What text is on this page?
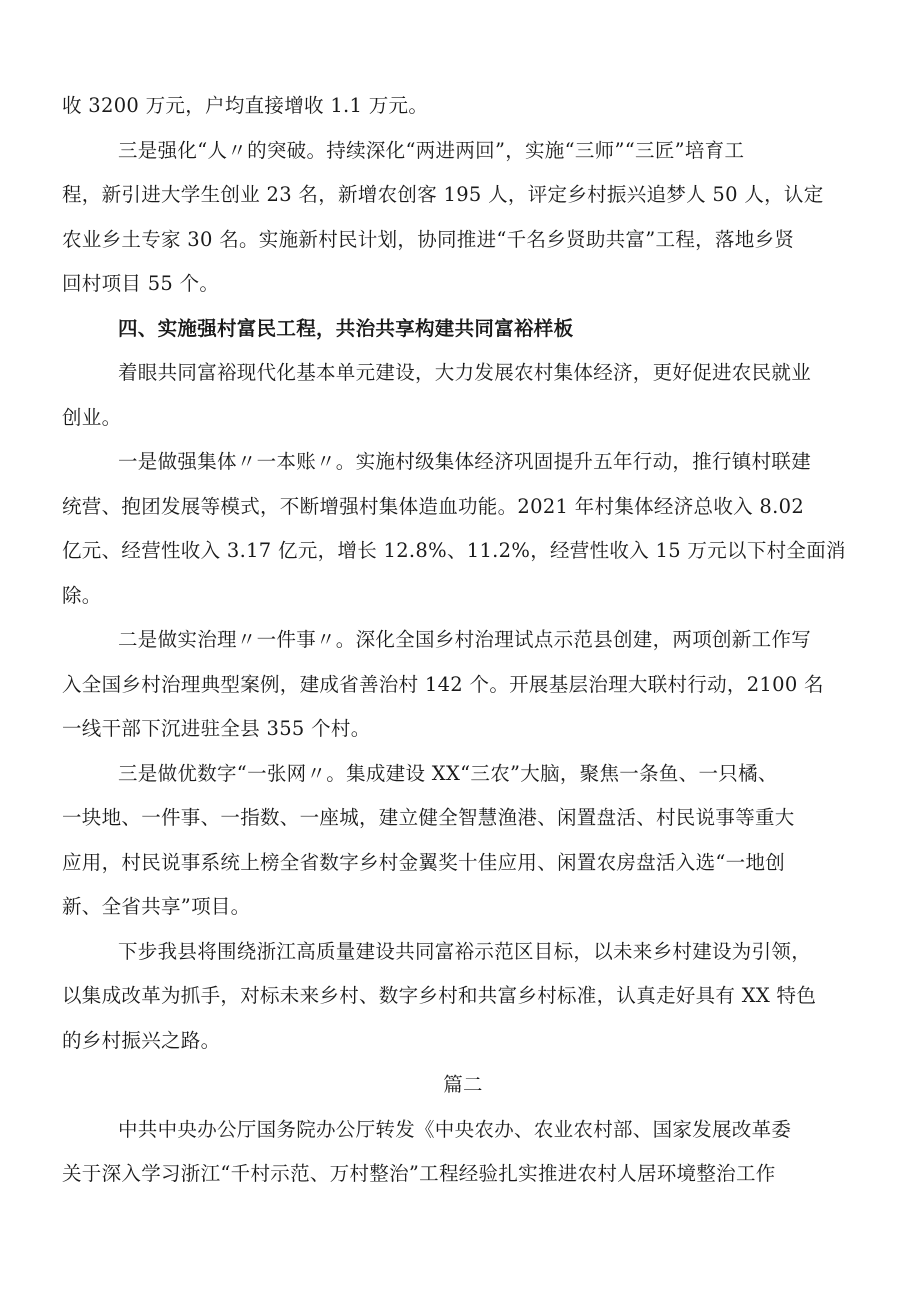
收 3200 万元，户均直接增收 1.1 万元。
三是强化“人〃的突破。持续深化“两进两回”，实施“三师”“三匠”培育工
程，新引进大学生创业 23 名，新增农创客 195 人，评定乡村振兴追梦人 50 人，认定
农业乡土专家 30 名。实施新村民计划，协同推进“千名乡贤助共富”工程，落地乡贤
回村项目 55 个。
四、实施强村富民工程，共治共享构建共同富裕样板
着眼共同富裕现代化基本单元建设，大力发展农村集体经济，更好促进农民就业
创业。
一是做强集体〃一本账〃。实施村级集体经济巩固提升五年行动，推行镇村联建
统营、抱团发展等模式，不断增强村集体造血功能。2021 年村集体经济总收入 8.02
亿元、经营性收入 3.17 亿元，增长 12.8%、11.2%，经营性收入 15 万元以下村全面消
除。
二是做实治理〃一件事〃。深化全国乡村治理试点示范县创建，两项创新工作写
入全国乡村治理典型案例，建成省善治村 142 个。开展基层治理大联村行动，2100 名
一线干部下沉进驻全县 355 个村。
三是做优数字“一张网〃。集成建设 XX“三农”大脑，聚焦一条鱼、一只橘、
一块地、一件事、一指数、一座城，建立健全智慧渔港、闲置盘活、村民说事等重大
应用，村民说事系统上榜全省数字乡村金翼奖十佳应用、闲置农房盘活入选“一地创
新、全省共享”项目。
下步我县将围绕浙江高质量建设共同富裕示范区目标，以未来乡村建设为引领，
以集成改革为抓手，对标未来乡村、数字乡村和共富乡村标准，认真走好具有 XX 特色
的乡村振兴之路。
篇二
中共中央办公厅国务院办公厅转发《中央农办、农业农村部、国家发展改革委
关于深入学习浙江“千村示范、万村整治”工程经验扎实推进农村人居环境整治工作
